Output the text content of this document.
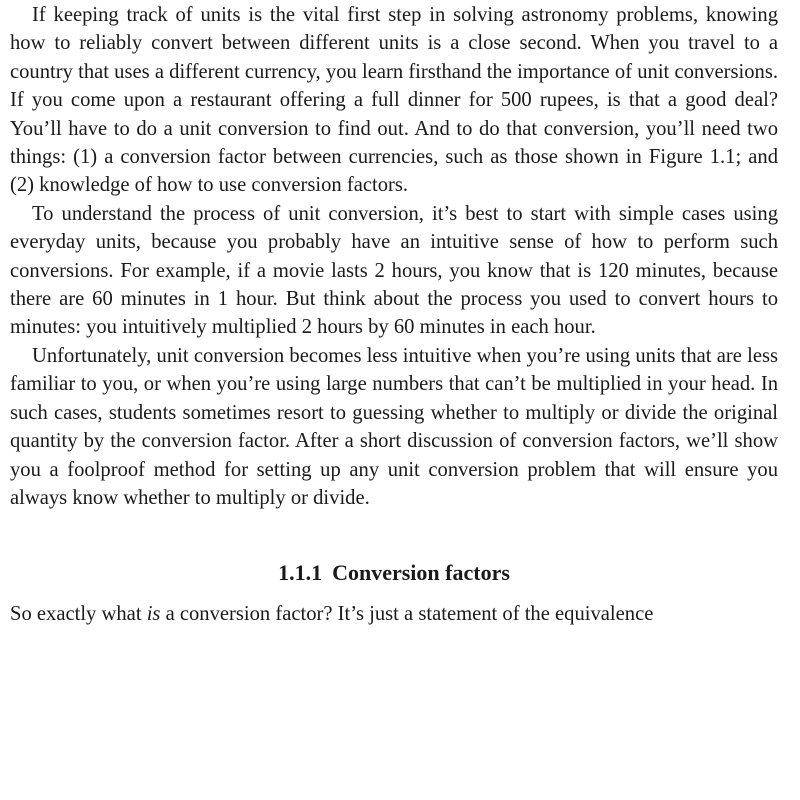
If keeping track of units is the vital first step in solving astronomy problems, knowing how to reliably convert between different units is a close second. When you travel to a country that uses a different currency, you learn firsthand the importance of unit conversions. If you come upon a restaurant offering a full dinner for 500 rupees, is that a good deal? You’ll have to do a unit conversion to find out. And to do that conversion, you’ll need two things: (1) a conversion factor between currencies, such as those shown in Figure 1.1; and (2) knowledge of how to use conversion factors.

To understand the process of unit conversion, it’s best to start with simple cases using everyday units, because you probably have an intuitive sense of how to perform such conversions. For example, if a movie lasts 2 hours, you know that is 120 minutes, because there are 60 minutes in 1 hour. But think about the process you used to convert hours to minutes: you intuitively multiplied 2 hours by 60 minutes in each hour.

Unfortunately, unit conversion becomes less intuitive when you’re using units that are less familiar to you, or when you’re using large numbers that can’t be multiplied in your head. In such cases, students sometimes resort to guessing whether to multiply or divide the original quantity by the conversion factor. After a short discussion of conversion factors, we’ll show you a foolproof method for setting up any unit conversion problem that will ensure you always know whether to multiply or divide.

1.1.1 Conversion factors

So exactly what is a conversion factor? It’s just a statement of the equivalence
